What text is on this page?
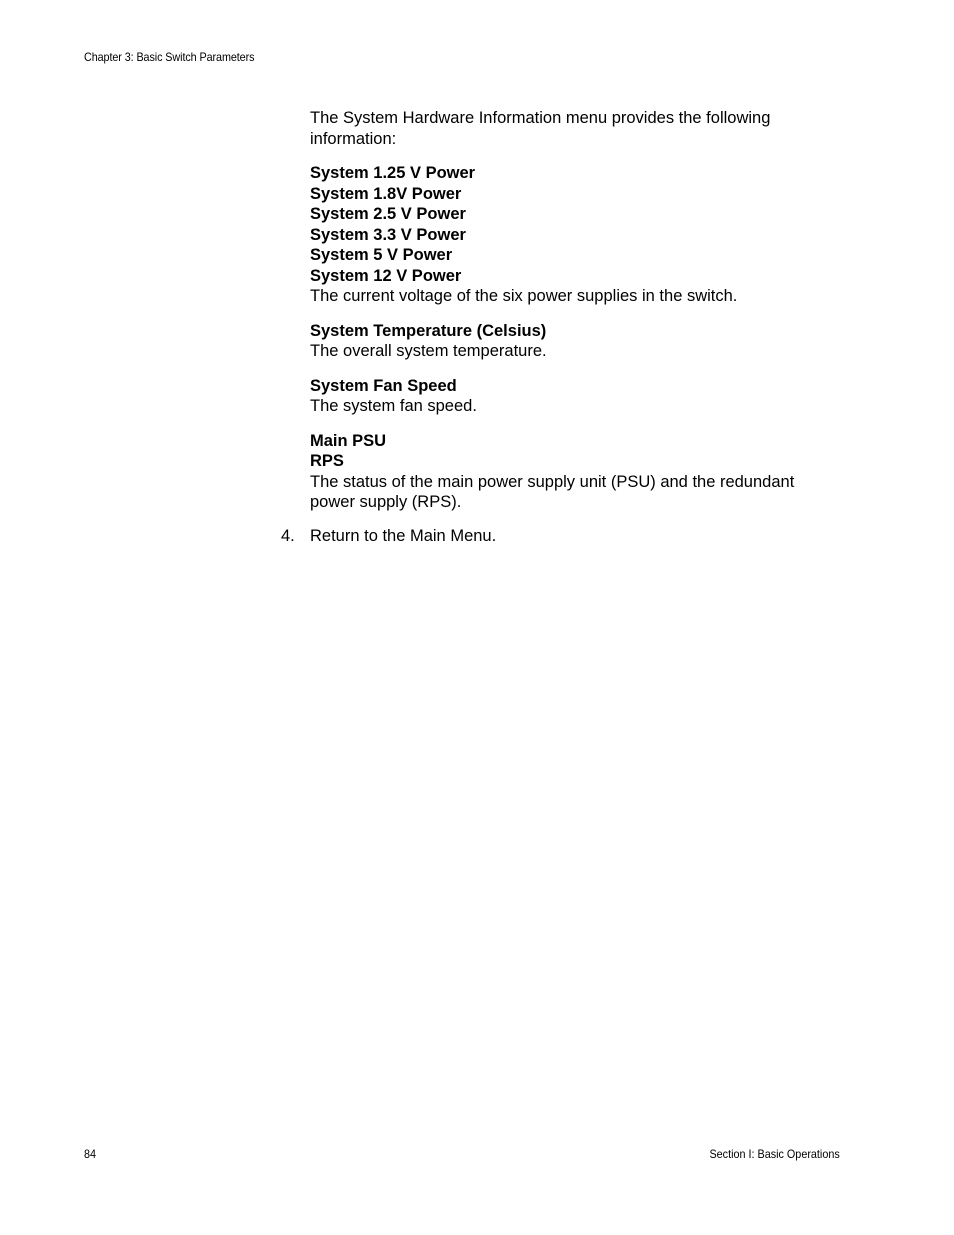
Chapter 3: Basic Switch Parameters

The System Hardware Information menu provides the following information:

System 1.25 V Power
System 1.8V Power
System 2.5 V Power
System 3.3 V Power
System 5 V Power
System 12 V Power
The current voltage of the six power supplies in the switch.
System Temperature (Celsius)
The overall system temperature.
System Fan Speed
The system fan speed.
Main PSU
RPS
The status of the main power supply unit (PSU) and the redundant power supply (RPS).
4. Return to the Main Menu.
84	Section I: Basic Operations
